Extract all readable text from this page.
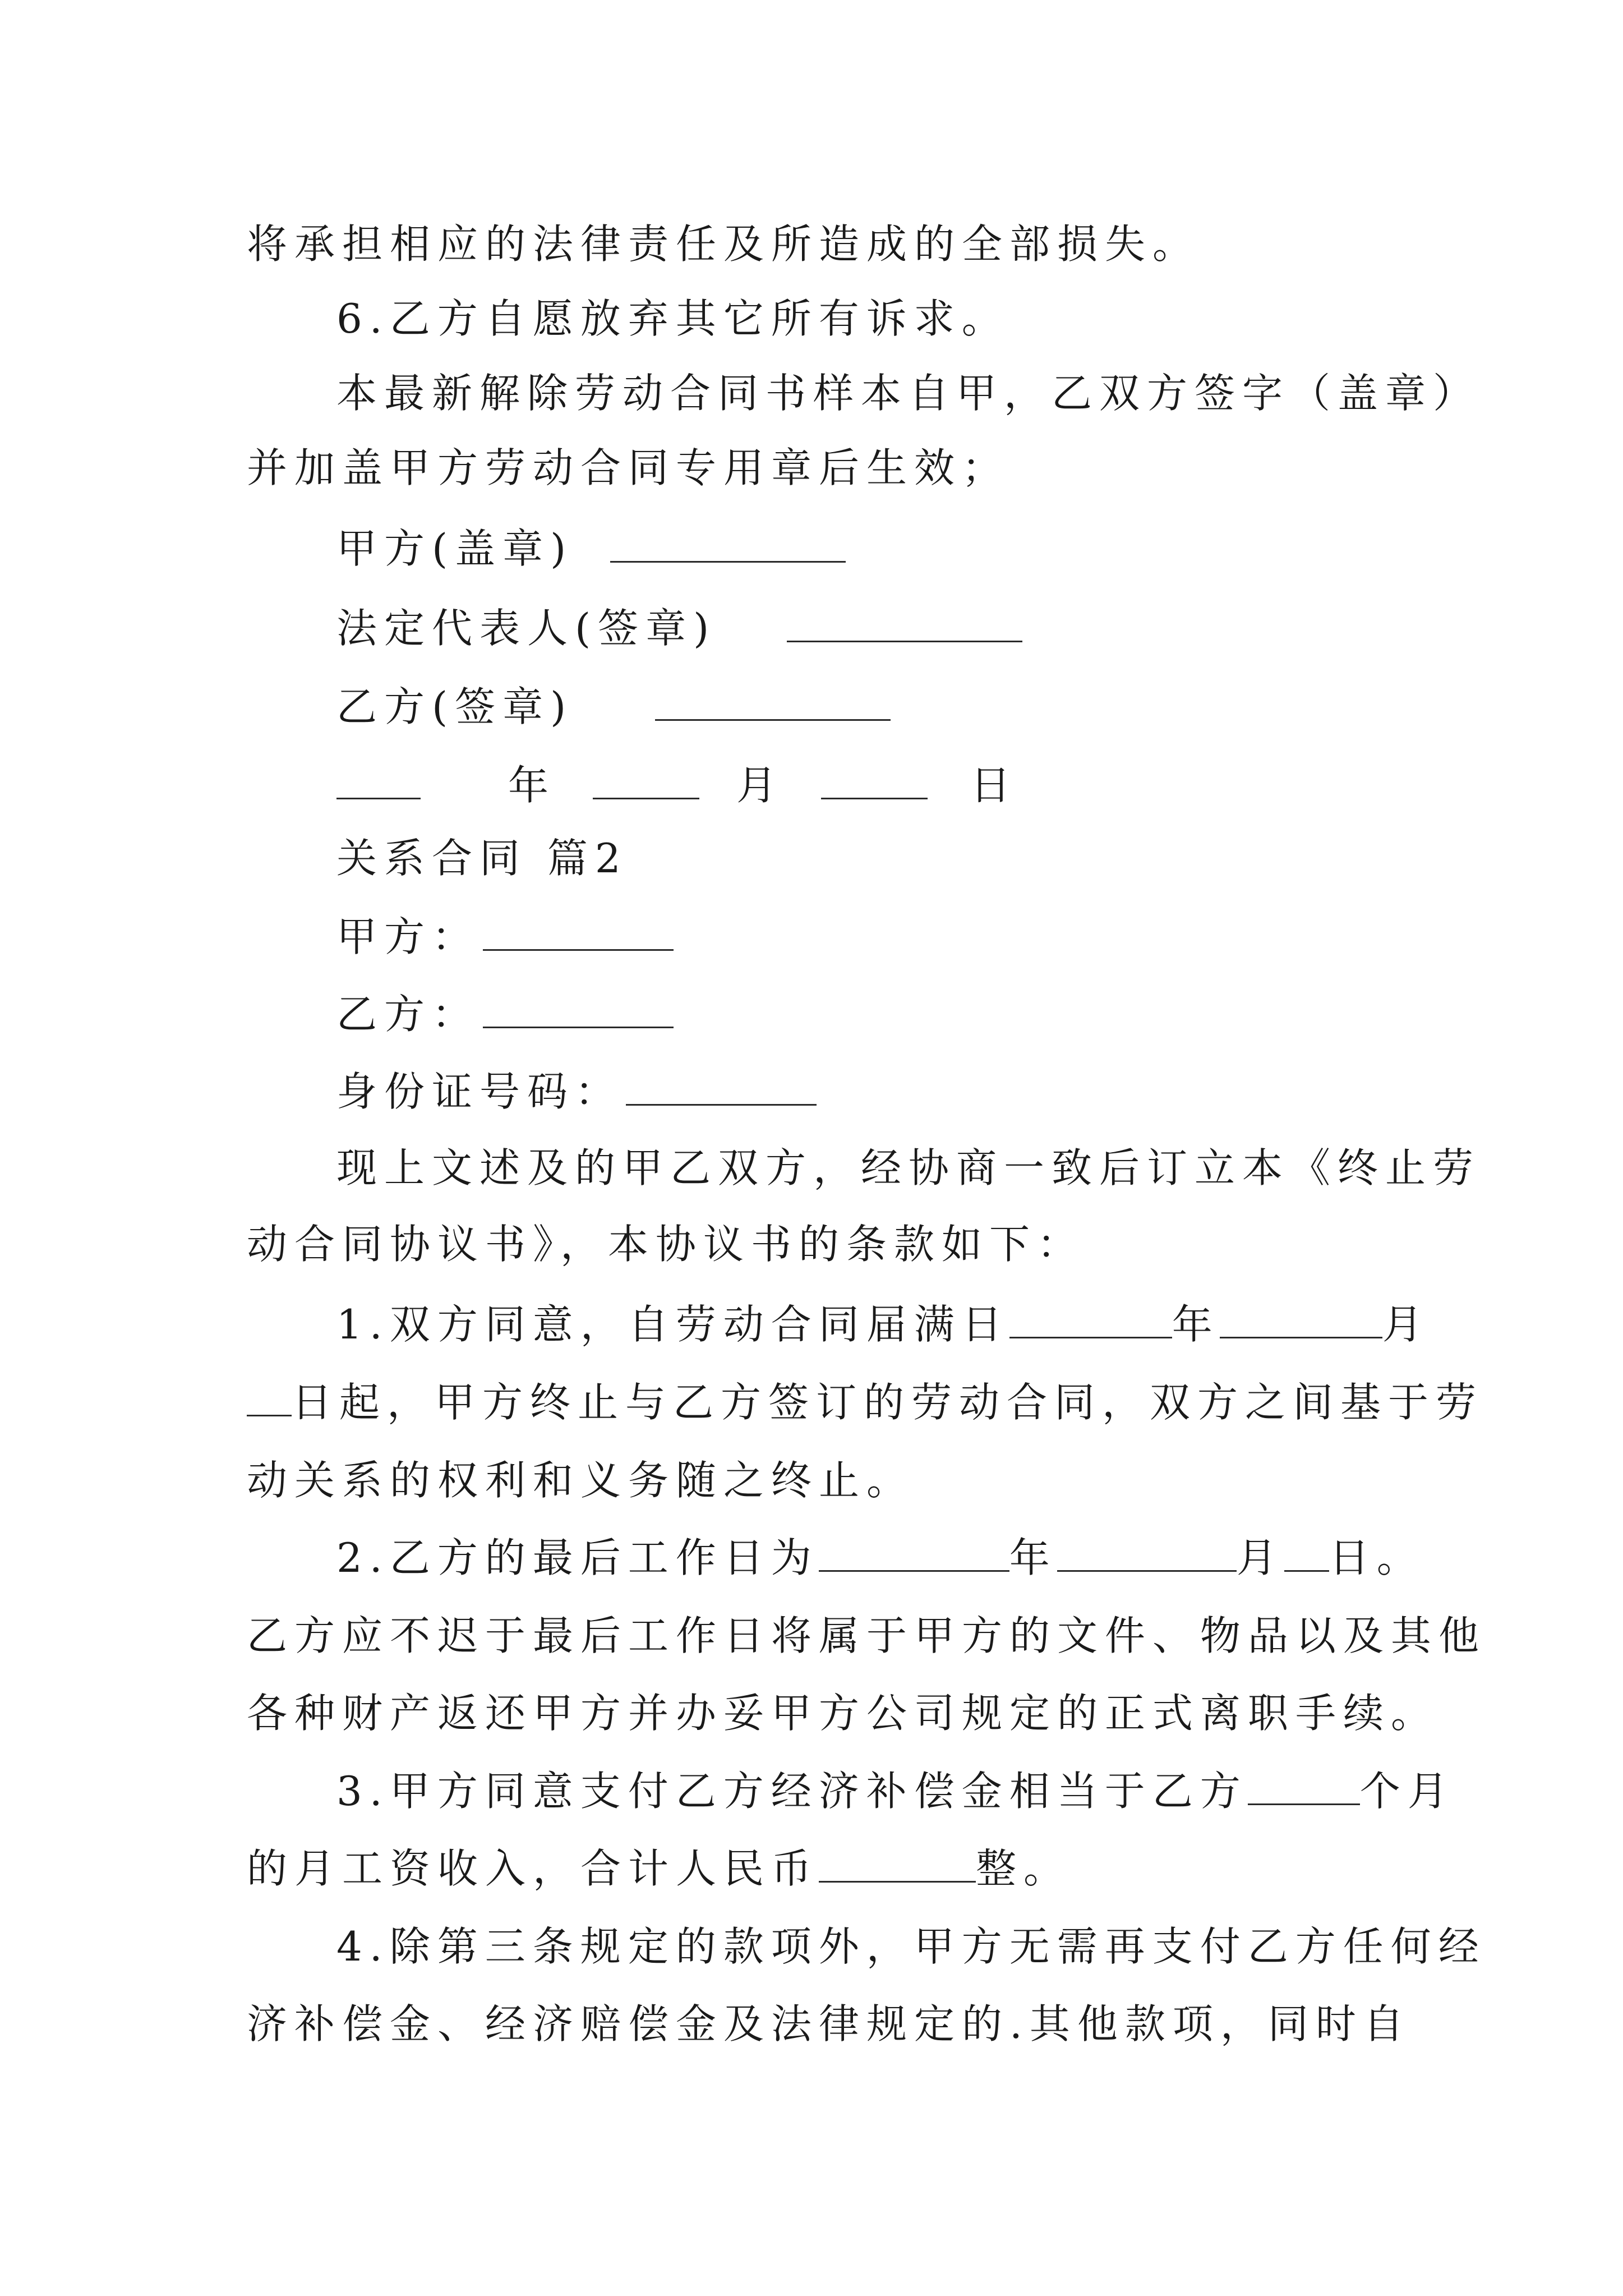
将承担相应的法律责任及所造成的全部损失。
6.乙方自愿放弃其它所有诉求。
本最新解除劳动合同书样本自甲，乙双方签字（盖章）
并加盖甲方劳动合同专用章后生效；
甲方(盖章)
法定代表人(签章)
乙方(签章)
年	月	日
关系合同 篇2
甲方：
乙方：
身份证号码：
现上文述及的甲乙双方，经协商一致后订立本《终止劳
动合同协议书》，本协议书的条款如下：
1.双方同意，自劳动合同届满日	年	月
日起，甲方终止与乙方签订的劳动合同，双方之间基于劳
动关系的权利和义务随之终止。
2.乙方的最后工作日为	年	月 日。
乙方应不迟于最后工作日将属于甲方的文件、物品以及其他
各种财产返还甲方并办妥甲方公司规定的正式离职手续。
3.甲方同意支付乙方经济补偿金相当于乙方	个月
的月工资收入，合计人民币	整。
4.除第三条规定的款项外，甲方无需再支付乙方任何经
济补偿金、经济赔偿金及法律规定的.其他款项，同时自
